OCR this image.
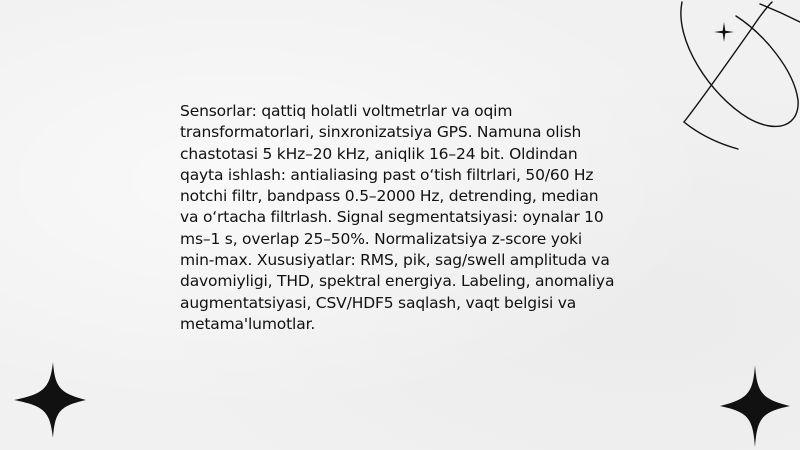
Sensorlar: qattiq holatli voltmetrlar va oqim transformatorlari, sinxronizatsiya GPS. Namuna olish chastotasi 5 kHz–20 kHz, aniqlik 16–24 bit. Oldindan qayta ishlash: antialiasing past o‘tish filtrlari, 50/60 Hz notchi filtr, bandpass 0.5–2000 Hz, detrending, median va o‘rtacha filtrlash. Signal segmentatsiyasi: oynalar 10 ms–1 s, overlap 25–50%. Normalizatsiya z-score yoki min-max. Xususiyatlar: RMS, pik, sag/swell amplituda va davomiyligi, THD, spektral energiya. Labeling, anomaliya augmentatsiyasi, CSV/HDF5 saqlash, vaqt belgisi va metama'lumotlar.
